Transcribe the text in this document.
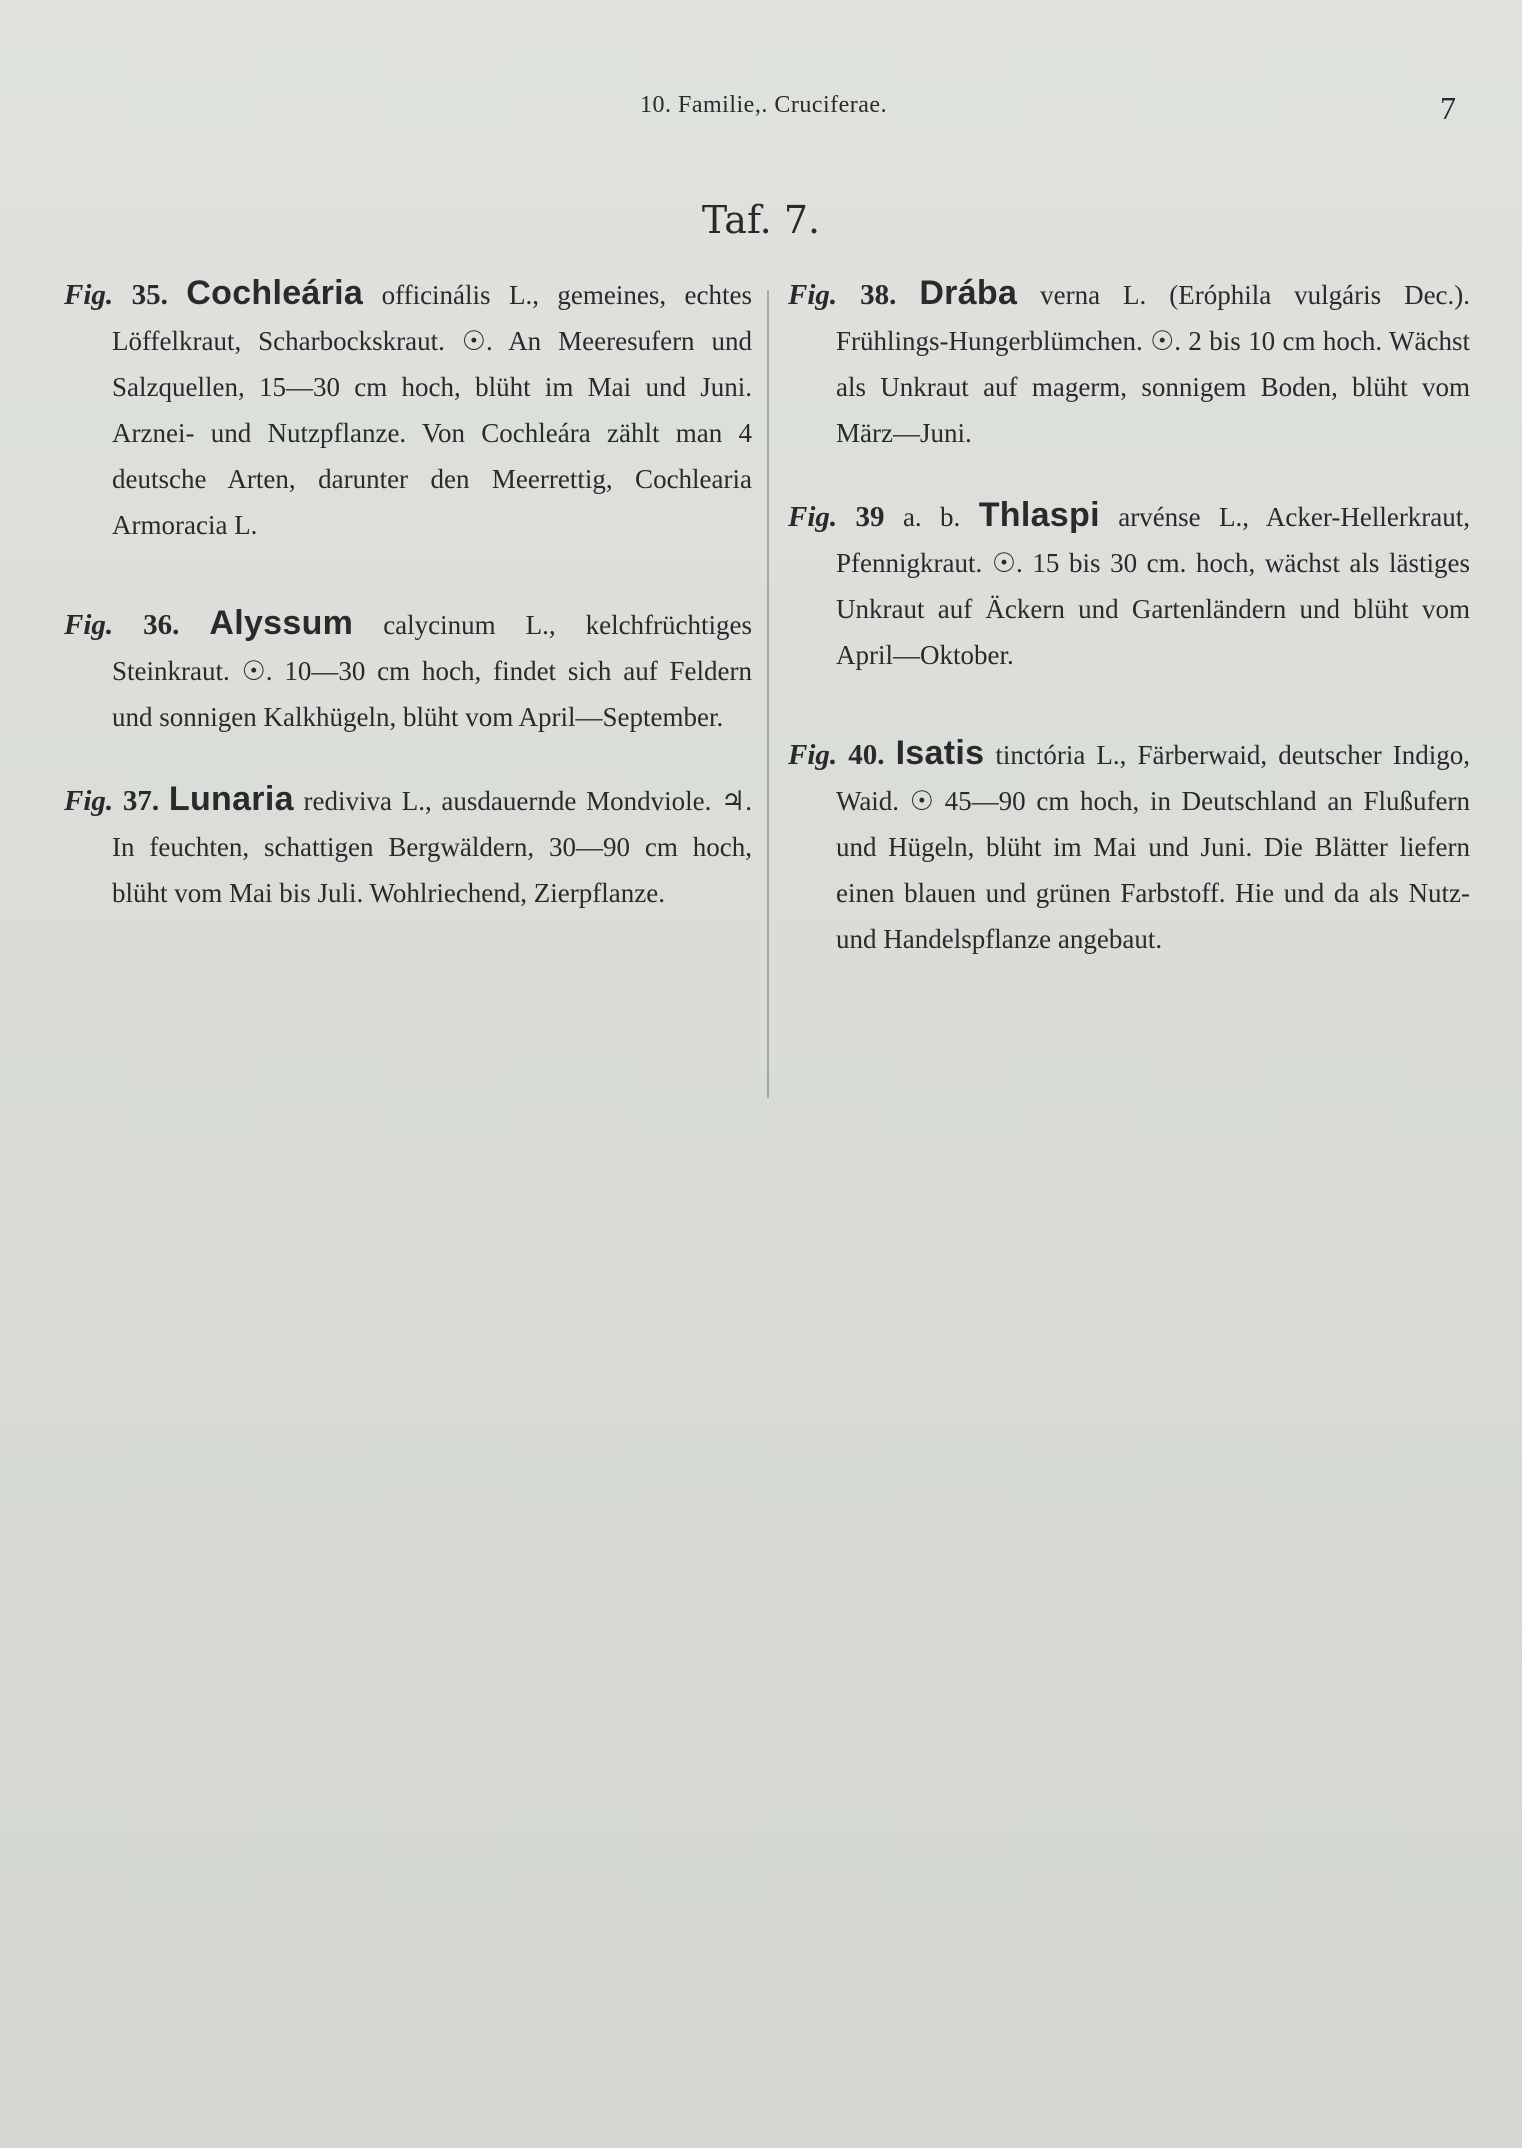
10. Familie,. Cruciferae.	7
Taf. 7.

Fig. 35. Cochleária officinális L., gemeines, echtes Löffelkraut, Scharbockskraut. ☉. An Meeresufern und Salzquellen, 15—30 cm hoch, blüht im Mai und Juni. Arznei- und Nutzpflanze. Von Cochleára zählt man 4 deutsche Arten, darunter den Meerrettig, Cochlearia Armoracia L.

Fig. 36. Alyssum calycinum L., kelchfrüchtiges Steinkraut. ☉. 10—30 cm hoch, findet sich auf Feldern und sonnigen Kalkhügeln, blüht vom April—September.

Fig. 37. Lunaria rediviva L., ausdauernde Mondviole. ♃. In feuchten, schattigen Bergwäldern, 30—90 cm hoch, blüht vom Mai bis Juli. Wohlriechend, Zierpflanze.

Fig. 38. Drába verna L. (Eróphila vulgáris Dec.). Frühlings-Hungerblümchen. ☉. 2 bis 10 cm hoch. Wächst als Unkraut auf magerm, sonnigem Boden, blüht vom März—Juni.

Fig. 39 a. b. Thlaspi arvénse L., Acker-Hellerkraut, Pfennigkraut. ☉. 15 bis 30 cm. hoch, wächst als lästiges Unkraut auf Äckern und Gartenländern und blüht vom April—Oktober.

Fig. 40. Isatis tinctória L., Färberwaid, deutscher Indigo, Waid. ☉ 45—90 cm hoch, in Deutschland an Flußufern und Hügeln, blüht im Mai und Juni. Die Blätter liefern einen blauen und grünen Farbstoff. Hie und da als Nutz- und Handelspflanze angebaut.
